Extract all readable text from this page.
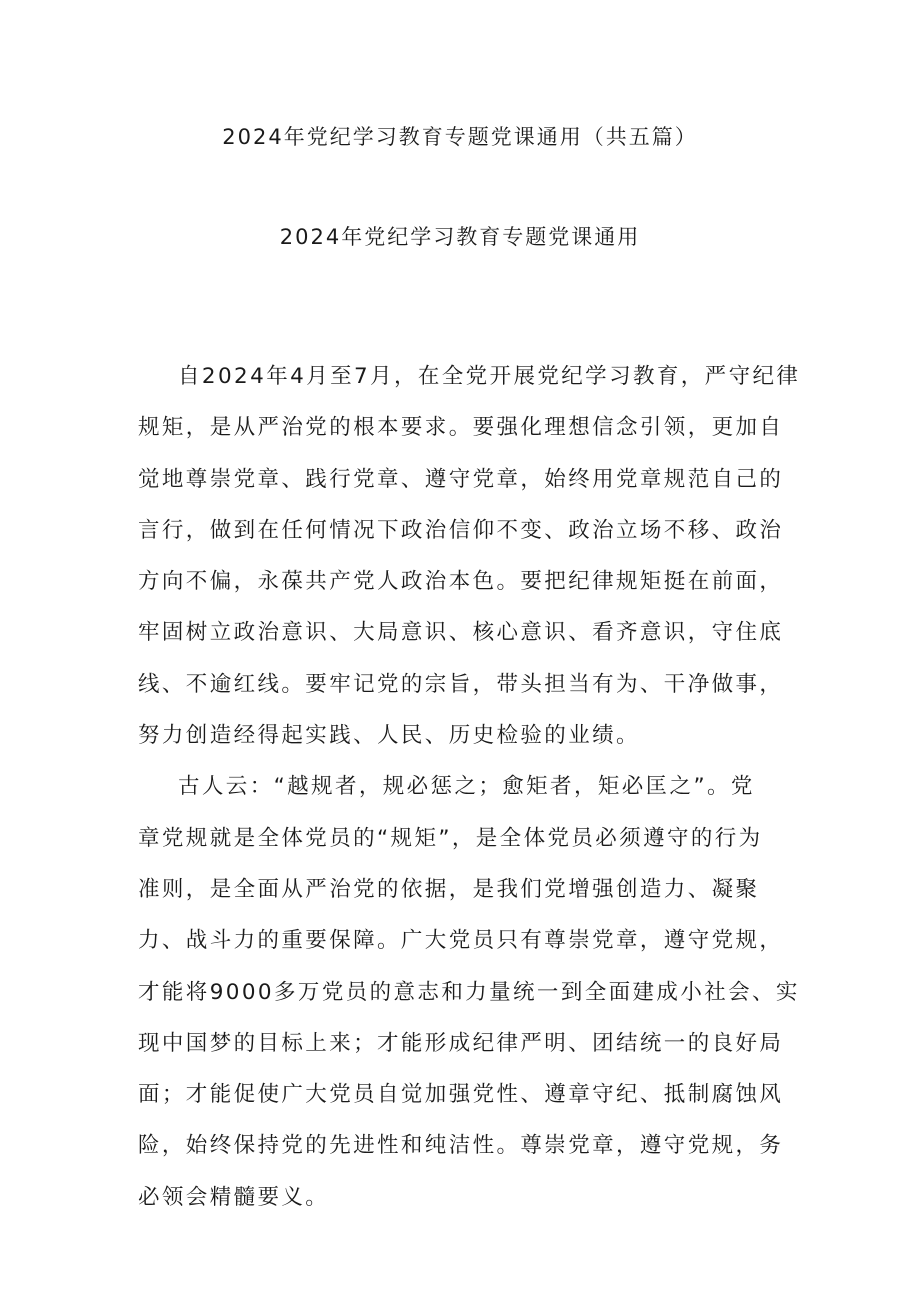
2024年党纪学习教育专题党课通用（共五篇）
2024年党纪学习教育专题党课通用
自2024年4月至7月，在全党开展党纪学习教育，严守纪律
规矩，是从严治党的根本要求。要强化理想信念引领，更加自
觉地尊崇党章、践行党章、遵守党章，始终用党章规范自己的
言行，做到在任何情况下政治信仰不变、政治立场不移、政治
方向不偏，永葆共产党人政治本色。要把纪律规矩挺在前面，
牢固树立政治意识、大局意识、核心意识、看齐意识，守住底
线、不逾红线。要牢记党的宗旨，带头担当有为、干净做事，
努力创造经得起实践、人民、历史检验的业绩。
古人云：“越规者，规必惩之；愈矩者，矩必匡之”。党
章党规就是全体党员的“规矩”，是全体党员必须遵守的行为
准则，是全面从严治党的依据，是我们党增强创造力、凝聚
力、战斗力的重要保障。广大党员只有尊崇党章，遵守党规，
才能将9000多万党员的意志和力量统一到全面建成小社会、实
现中国梦的目标上来；才能形成纪律严明、团结统一的良好局
面；才能促使广大党员自觉加强党性、遵章守纪、抵制腐蚀风
险，始终保持党的先进性和纯洁性。尊崇党章，遵守党规，务
必领会精髓要义。
